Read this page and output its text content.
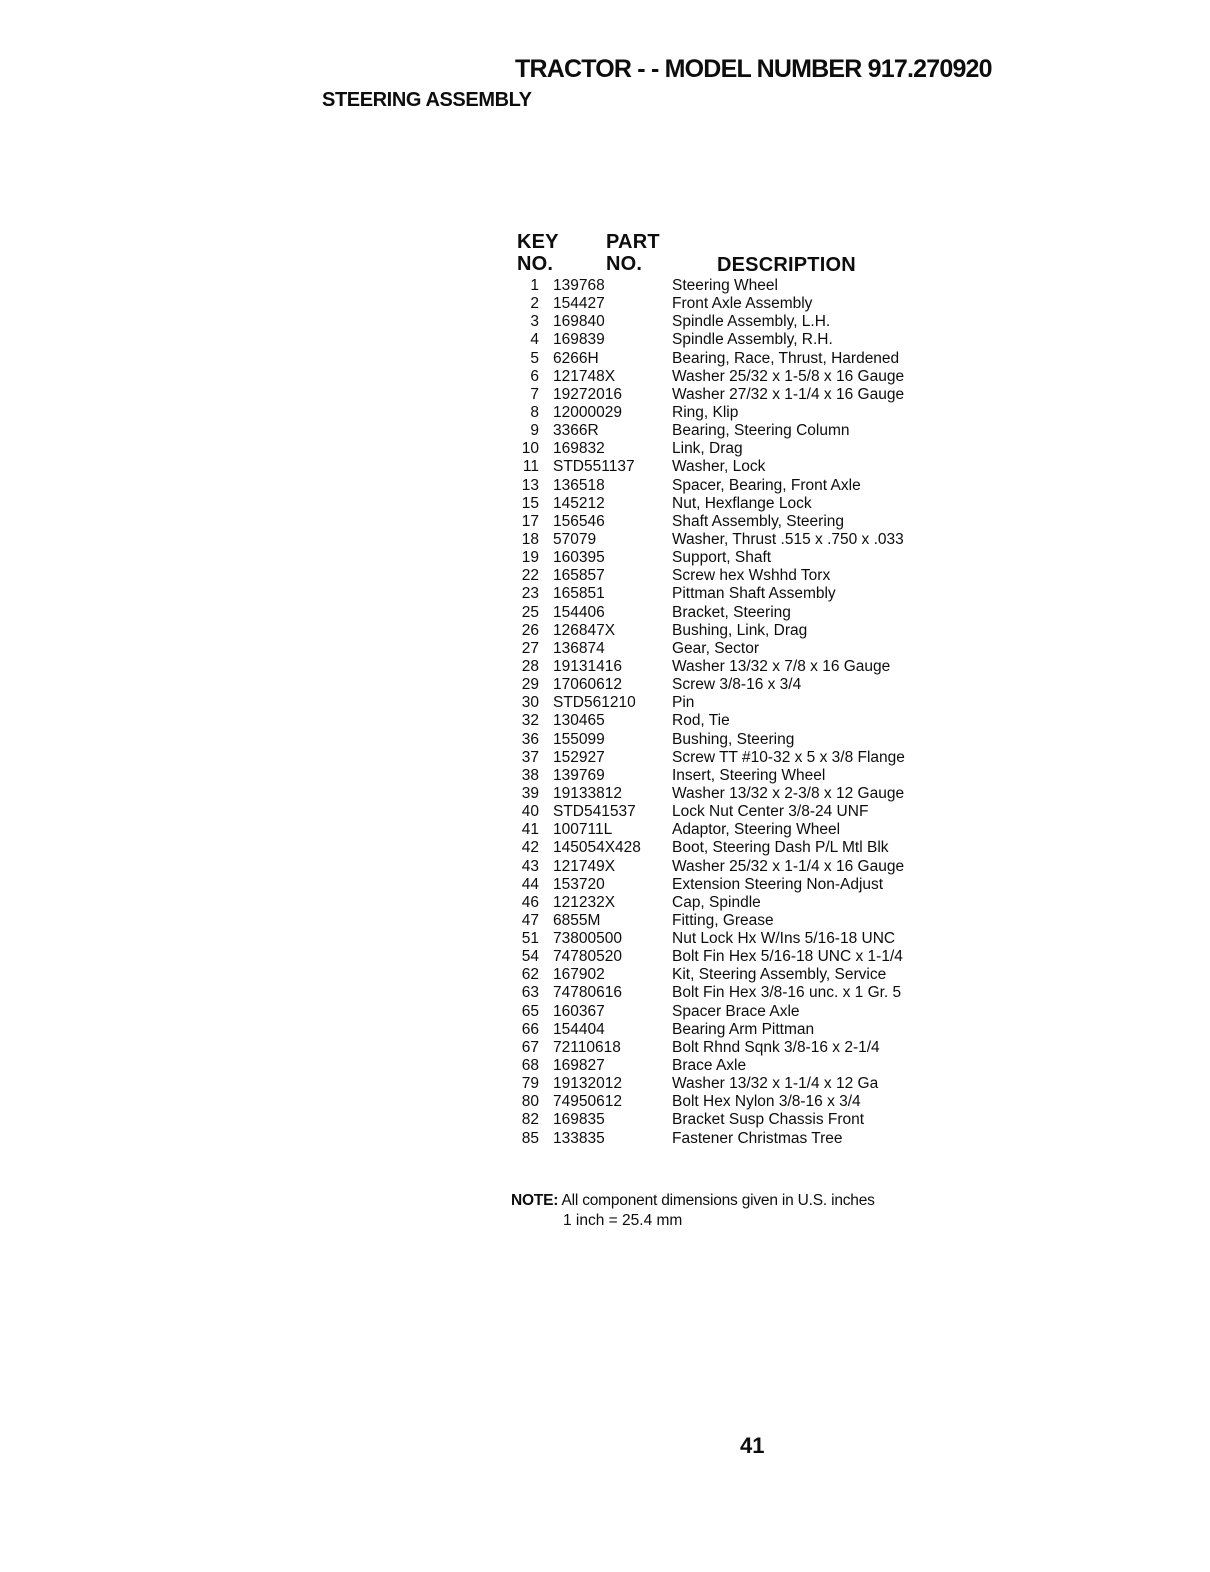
TRACTOR - - MODEL NUMBER 917.270920
STEERING ASSEMBLY
KEY
NO.
PART
NO.	DESCRIPTION
1 139768	Steering Wheel
2 154427	Front Axle Assembly
3 169840	Spindle Assembly, L.H.
4 169839	Spindle Assembly, R.H.
5 6266H	Bearing, Race, Thrust, Hardened
6 121748X	Washer 25/32 x 1-5/8 x 16 Gauge
7 19272016	Washer 27/32 x 1-1/4 x 16 Gauge
8 12000029	Ring, Klip
9 3366R	Bearing, Steering Column
10 169832	Link, Drag
11 STD551137 Washer, Lock
13 136518	Spacer, Bearing, Front Axle
15 145212	Nut, Hexflange Lock
17 156546	Shaft Assembly, Steering
18 57079	Washer, Thrust .515 x .750 x .033
19 160395	Support, Shaft
22 165857	Screw hex Wshhd Torx
23 165851	Pittman Shaft Assembly
25 154406	Bracket, Steering
26 126847X	Bushing, Link, Drag
27 136874	Gear, Sector
28 19131416	Washer 13/32 x 7/8 x 16 Gauge
29 17060612	Screw 3/8-16 x 3/4
30 STD561210 Pin
32 130465	Rod, Tie
36 155099	Bushing, Steering
37 152927	Screw TT #10-32 x 5 x 3/8 Flange
38 139769	Insert, Steering Wheel
39 19133812	Washer 13/32 x 2-3/8 x 12 Gauge
40 STD541537 Lock Nut Center 3/8-24 UNF
41 100711L	Adaptor, Steering Wheel
42 145054X428 Boot, Steering Dash P/L Mtl Blk
43 121749X	Washer 25/32 x 1-1/4 x 16 Gauge
44 153720	Extension Steering Non-Adjust
46 121232X	Cap, Spindle
47 6855M	Fitting, Grease
51 73800500	Nut Lock Hx W/Ins 5/16-18 UNC
54 74780520	Bolt Fin Hex 5/16-18 UNC x 1-1/4
62 167902	Kit, Steering Assembly, Service
63 74780616	Bolt Fin Hex 3/8-16 unc. x 1 Gr. 5
65 160367	Spacer Brace Axle
66 154404	Bearing Arm Pittman
67 72110618	Bolt Rhnd Sqnk 3/8-16 x 2-1/4
68 169827	Brace Axle
79 19132012	Washer 13/32 x 1-1/4 x 12 Ga
80 74950612	Bolt Hex Nylon 3/8-16 x 3/4
82 169835	Bracket Susp Chassis Front
85 133835	Fastener Christmas Tree
NOTE: All component dimensions given in U.S. inches
1 inch = 25.4 mm
41
